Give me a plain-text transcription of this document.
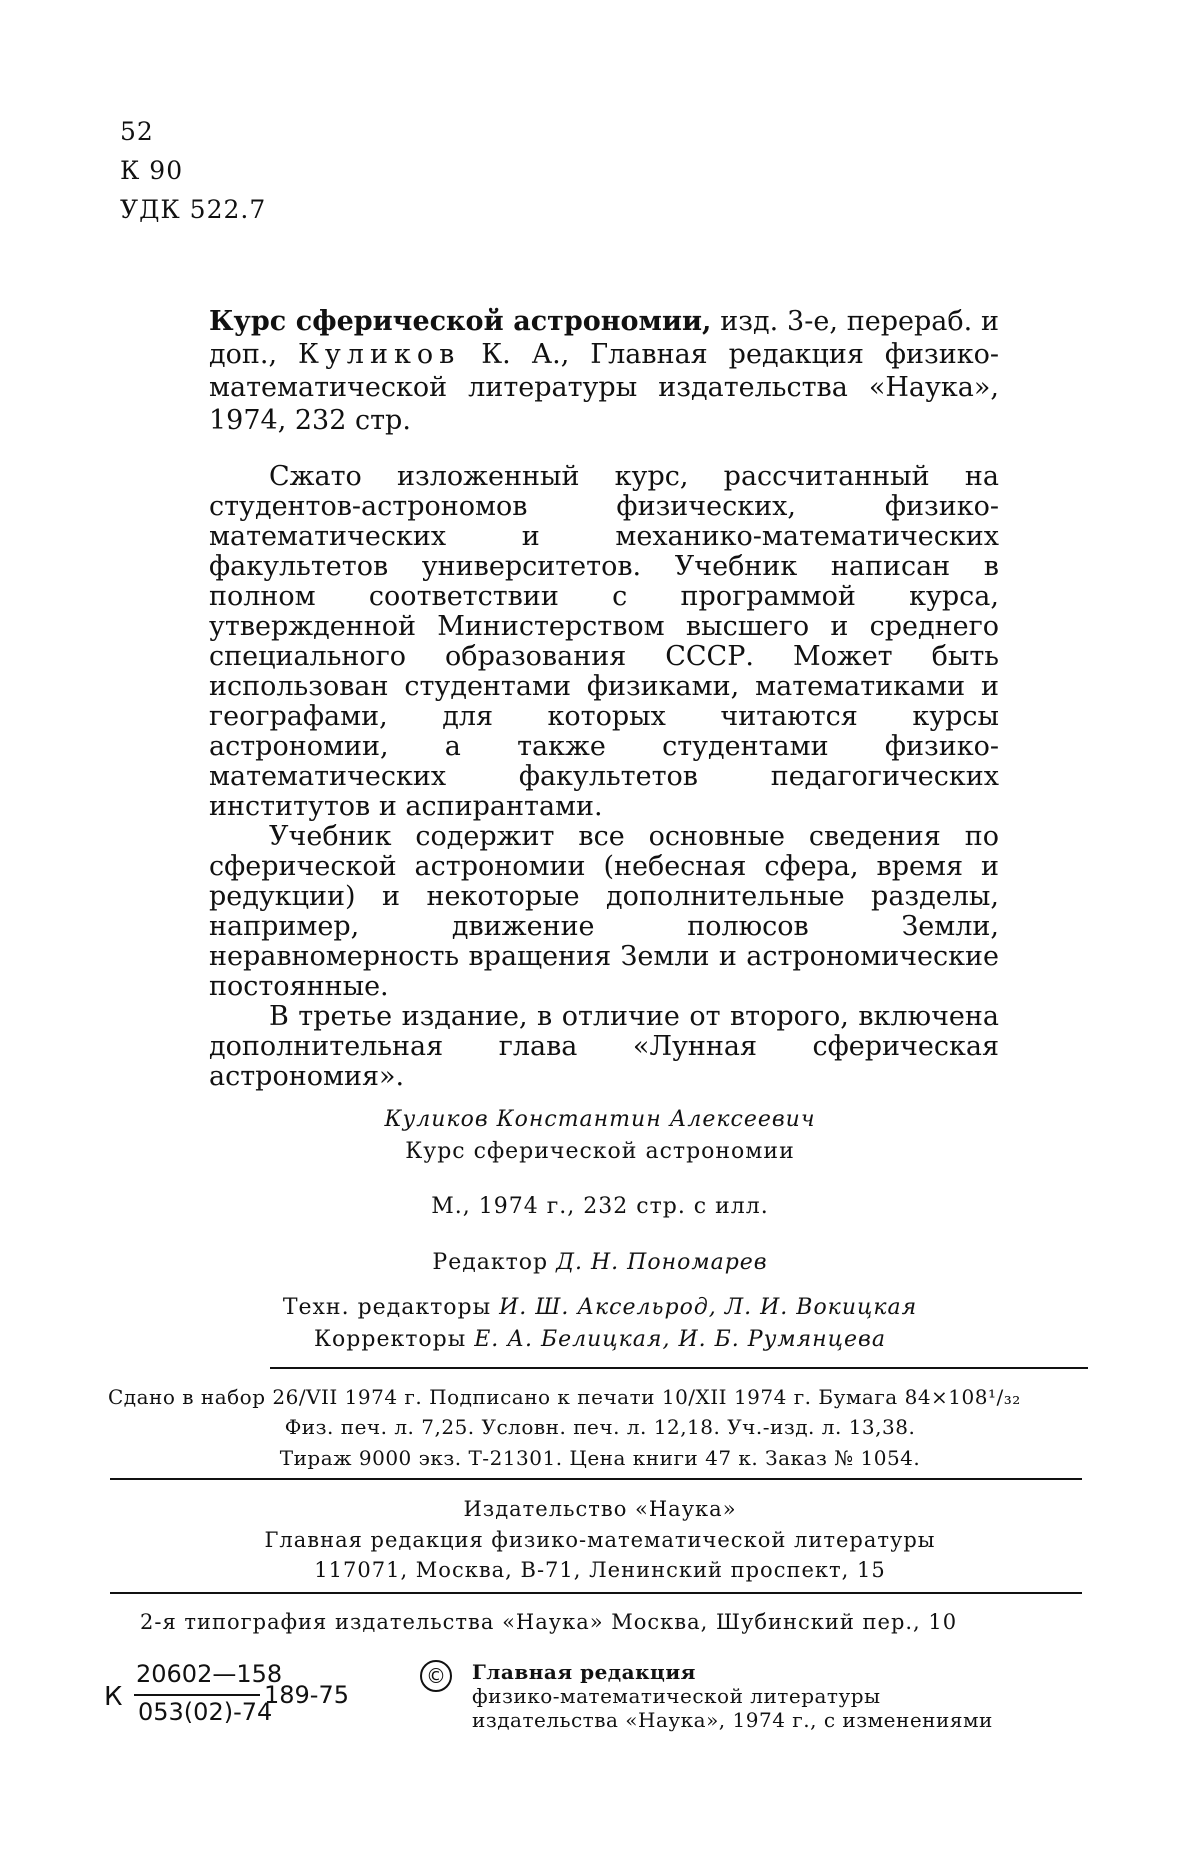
52
К 90
УДК 522.7
Курс сферической астрономии, изд. 3-е, перераб. и доп., Куликов К. А., Главная редакция физико-математической литературы издательства «Наука», 1974, 232 стр.

Сжато изложенный курс, рассчитанный на студентов-астрономов физических, физико-математических и механико-математических факультетов университетов. Учебник написан в полном соответствии с программой курса, утвержденной Министерством высшего и среднего специального образования СССР. Может быть использован студентами физиками, математиками и географами, для которых читаются курсы астрономии, а также студентами физико-математических факультетов педагогических институтов и аспирантами.

Учебник содержит все основные сведения по сферической астрономии (небесная сфера, время и редукции) и некоторые дополнительные разделы, например, движение полюсов Земли, неравномерность вращения Земли и астрономические постоянные.

В третье издание, в отличие от второго, включена дополнительная глава «Лунная сферическая астрономия».

Куликов Константин Алексеевич
Курс сферической астрономии
М., 1974 г., 232 стр. с илл.
Редактор Д. Н. Пономарев
Техн. редакторы И. Ш. Аксельрод, Л. И. Вокицкая
Корректоры Е. А. Белицкая, И. Б. Румянцева
Сдано в набор 26/VII 1974 г. Подписано к печати 10/XII 1974 г. Бумага 84×108¹/₃₂
Физ. печ. л. 7,25. Условн. печ. л. 12,18. Уч.-изд. л. 13,38.
Тираж 9000 экз. Т-21301. Цена книги 47 к. Заказ № 1054.
Издательство «Наука»
Главная редакция физико-математической литературы
117071, Москва, В-71, Ленинский проспект, 15
2-я типография издательства «Наука» Москва, Шубинский пер., 10
К
20602—158
053(02)-74
189-75
©	Главная редакция
физико-математической литературы
издательства «Наука», 1974 г., с изменениями
